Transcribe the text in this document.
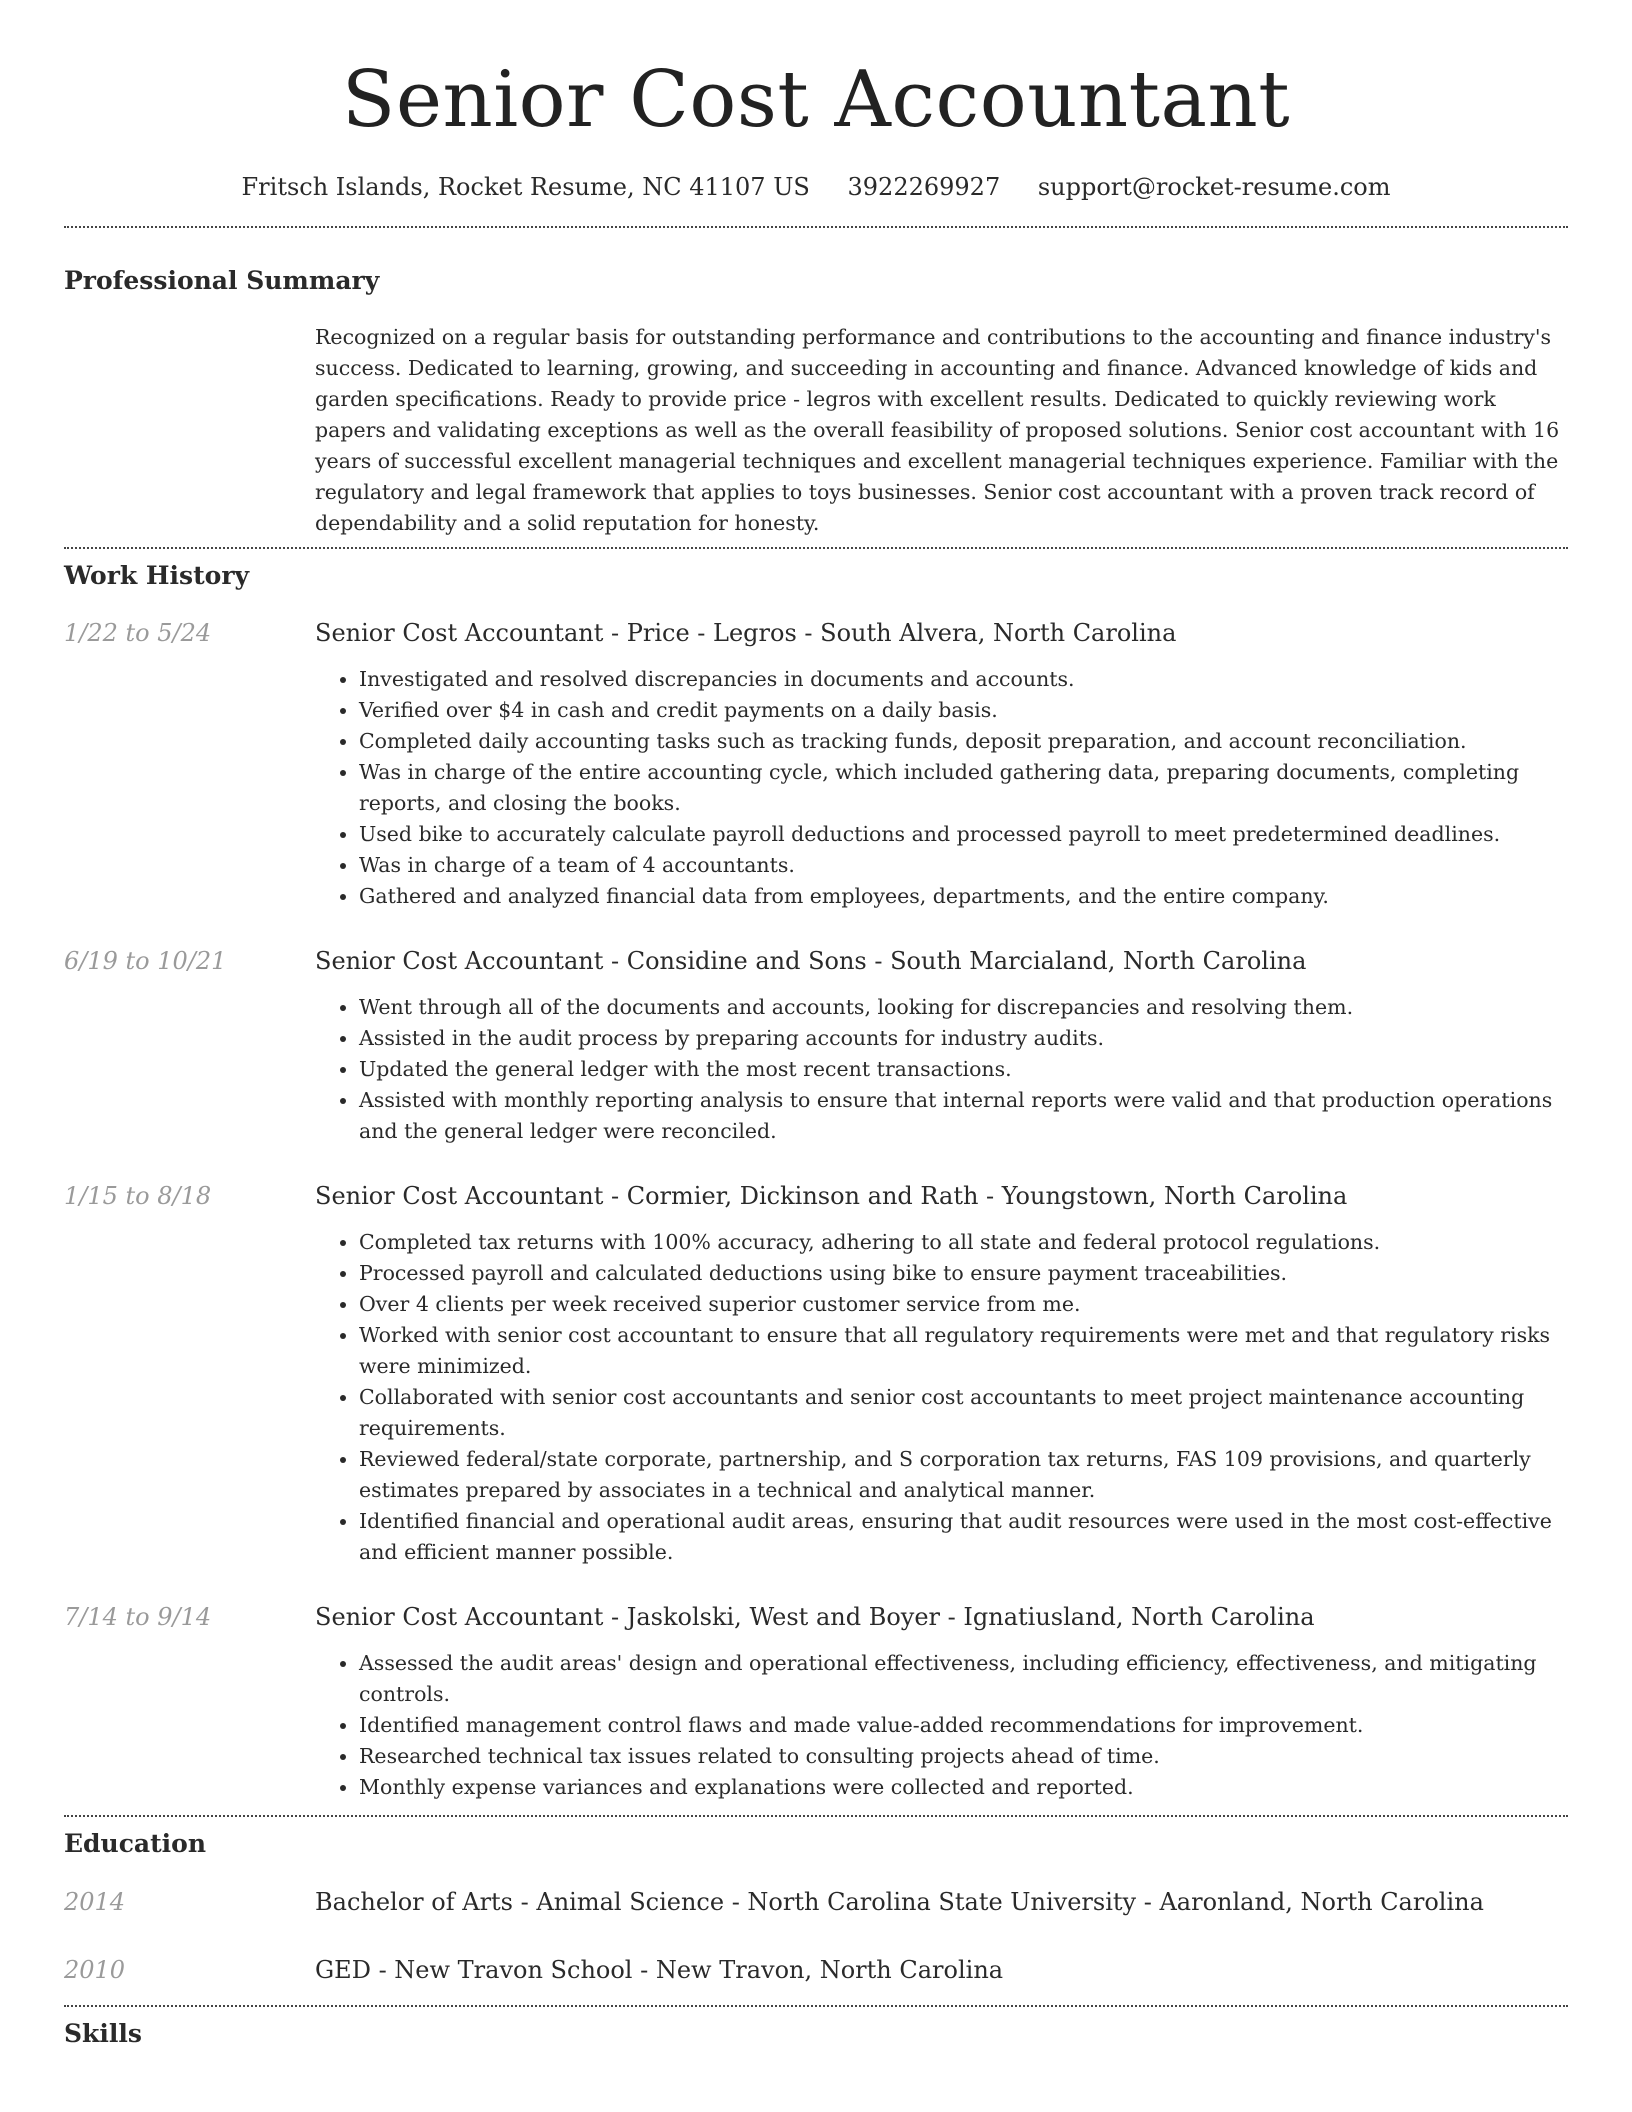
Senior Cost Accountant
Fritsch Islands, Rocket Resume, NC 41107 US 3922269927 support@rocket-resume.com
Professional Summary
Recognized on a regular basis for outstanding performance and contributions to the accounting and finance industry's success. Dedicated to learning, growing, and succeeding in accounting and finance. Advanced knowledge of kids and garden specifications. Ready to provide price - legros with excellent results. Dedicated to quickly reviewing work papers and validating exceptions as well as the overall feasibility of proposed solutions. Senior cost accountant with 16 years of successful excellent managerial techniques and excellent managerial techniques experience. Familiar with the regulatory and legal framework that applies to toys businesses. Senior cost accountant with a proven track record of dependability and a solid reputation for honesty.
Work History
1/22 to 5/24	Senior Cost Accountant - Price - Legros - South Alvera, North Carolina
• Investigated and resolved discrepancies in documents and accounts.
• Verified over $4 in cash and credit payments on a daily basis.
• Completed daily accounting tasks such as tracking funds, deposit preparation, and account reconciliation.
• Was in charge of the entire accounting cycle, which included gathering data, preparing documents, completing reports, and closing the books.
• Used bike to accurately calculate payroll deductions and processed payroll to meet predetermined deadlines.
• Was in charge of a team of 4 accountants.
• Gathered and analyzed financial data from employees, departments, and the entire company.
6/19 to 10/21	Senior Cost Accountant - Considine and Sons - South Marcialand, North Carolina
• Went through all of the documents and accounts, looking for discrepancies and resolving them.
• Assisted in the audit process by preparing accounts for industry audits.
• Updated the general ledger with the most recent transactions.
• Assisted with monthly reporting analysis to ensure that internal reports were valid and that production operations and the general ledger were reconciled.
1/15 to 8/18	Senior Cost Accountant - Cormier, Dickinson and Rath - Youngstown, North Carolina
• Completed tax returns with 100% accuracy, adhering to all state and federal protocol regulations.
• Processed payroll and calculated deductions using bike to ensure payment traceabilities.
• Over 4 clients per week received superior customer service from me.
• Worked with senior cost accountant to ensure that all regulatory requirements were met and that regulatory risks were minimized.
• Collaborated with senior cost accountants and senior cost accountants to meet project maintenance accounting requirements.
• Reviewed federal/state corporate, partnership, and S corporation tax returns, FAS 109 provisions, and quarterly estimates prepared by associates in a technical and analytical manner.
• Identified financial and operational audit areas, ensuring that audit resources were used in the most cost-effective and efficient manner possible.
7/14 to 9/14	Senior Cost Accountant - Jaskolski, West and Boyer - Ignatiusland, North Carolina
• Assessed the audit areas' design and operational effectiveness, including efficiency, effectiveness, and mitigating controls.
• Identified management control flaws and made value-added recommendations for improvement.
• Researched technical tax issues related to consulting projects ahead of time.
• Monthly expense variances and explanations were collected and reported.
Education
2014	Bachelor of Arts - Animal Science - North Carolina State University - Aaronland, North Carolina
2010	GED - New Travon School - New Travon, North Carolina
Skills
